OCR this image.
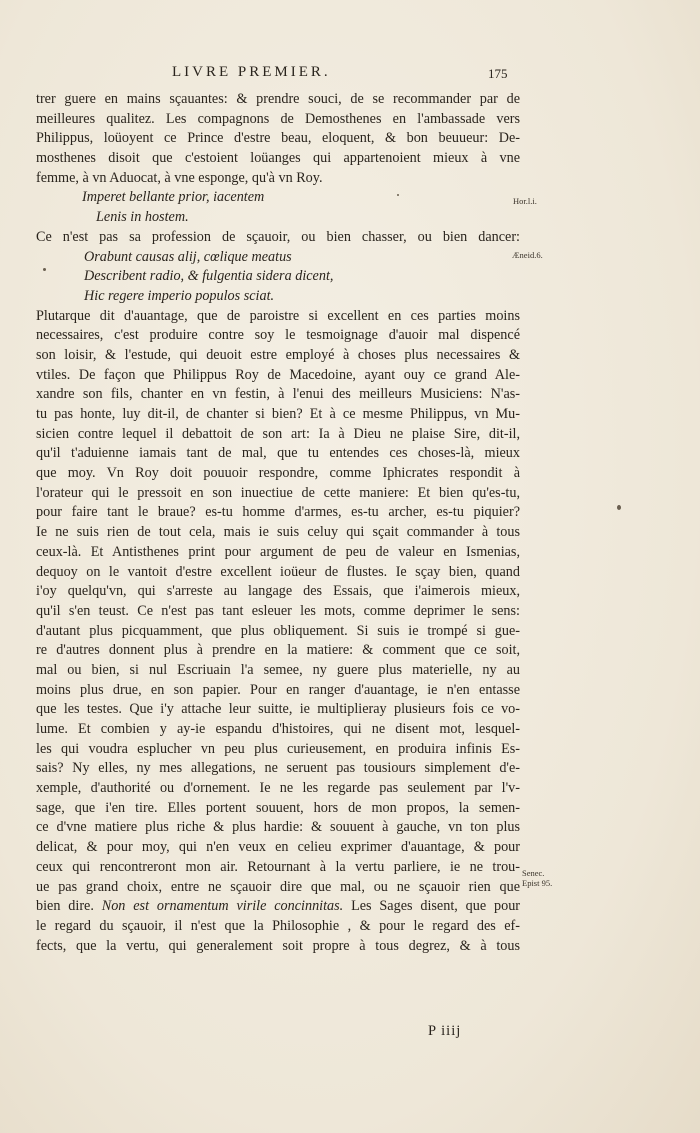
LIVRE PREMIER.	175
trer guere en mains sçauantes: & prendre souci, de se recommander par de
meilleures qualitez. Les compagnons de Demosthenes en l'ambassade vers
Philippus, loüoyent ce Prince d'estre beau, eloquent, & bon beuueur: De-
mosthenes disoit que c'estoient loüanges qui appartenoient mieux à vne
femme, à vn Aduocat, à vne esponge, qu'à vn Roy.
Imperet bellante prior, iacentem
Lenis in hostem.
Ce n'est pas sa profession de sçauoir, ou bien chasser, ou bien dancer:
Orabunt causas alij, cœlique meatus
Describent radio, & fulgentia sidera dicent,
Hic regere imperio populos sciat.
Plutarque dit d'auantage, que de paroistre si excellent en ces parties moins
necessaires, c'est produire contre soy le tesmoignage d'auoir mal dispencé
son loisir, & l'estude, qui deuoit estre employé à choses plus necessaires &
vtiles. De façon que Philippus Roy de Macedoine, ayant ouy ce grand Ale-
xandre son fils, chanter en vn festin, à l'enui des meilleurs Musiciens: N'as-
tu pas honte, luy dit-il, de chanter si bien? Et à ce mesme Philippus, vn Mu-
sicien contre lequel il debattoit de son art: Ia à Dieu ne plaise Sire, dit-il,
qu'il t'aduienne iamais tant de mal, que tu entendes ces choses-là, mieux
que moy. Vn Roy doit pouuoir respondre, comme Iphicrates respondit à
l'orateur qui le pressoit en son inuectiue de cette maniere: Et bien qu'es-tu,
pour faire tant le braue? es-tu homme d'armes, es-tu archer, es-tu piquier?
Ie ne suis rien de tout cela, mais ie suis celuy qui sçait commander à tous
ceux-là. Et Antisthenes print pour argument de peu de valeur en Ismenias,
dequoy on le vantoit d'estre excellent ioüeur de flustes. Ie sçay bien, quand
i'oy quelqu'vn, qui s'arreste au langage des Essais, que i'aimerois mieux,
qu'il s'en teust. Ce n'est pas tant esleuer les mots, comme deprimer le sens:
d'autant plus picquamment, que plus obliquement. Si suis ie trompé si gue-
re d'autres donnent plus à prendre en la matiere: & comment que ce soit,
mal ou bien, si nul Escriuain l'a semee, ny guere plus materielle, ny au
moins plus drue, en son papier. Pour en ranger d'auantage, ie n'en entasse
que les testes. Que i'y attache leur suitte, ie multiplieray plusieurs fois ce vo-
lume. Et combien y ay-ie espandu d'histoires, qui ne disent mot, lesquel-
les qui voudra esplucher vn peu plus curieusement, en produira infinis Es-
sais? Ny elles, ny mes allegations, ne seruent pas tousiours simplement d'e-
xemple, d'authorité ou d'ornement. Ie ne les regarde pas seulement par l'v-
sage, que i'en tire. Elles portent souuent, hors de mon propos, la semen-
ce d'vne matiere plus riche & plus hardie: & souuent à gauche, vn ton plus
delicat, & pour moy, qui n'en veux en celieu exprimer d'auantage, & pour
ceux qui rencontreront mon air. Retournant à la vertu parliere, ie ne trou-
ue pas grand choix, entre ne sçauoir dire que mal, ou ne sçauoir rien que
bien dire. Non est ornamentum virile concinnitas. Les Sages disent, que pour
le regard du sçauoir, il n'est que la Philosophie , & pour le regard des ef-
fects, que la vertu, qui generalement soit propre à tous degrez, & à tous
P iiij
Hor.l.i.
Æneid.6.
Senec.
Epist 95.
